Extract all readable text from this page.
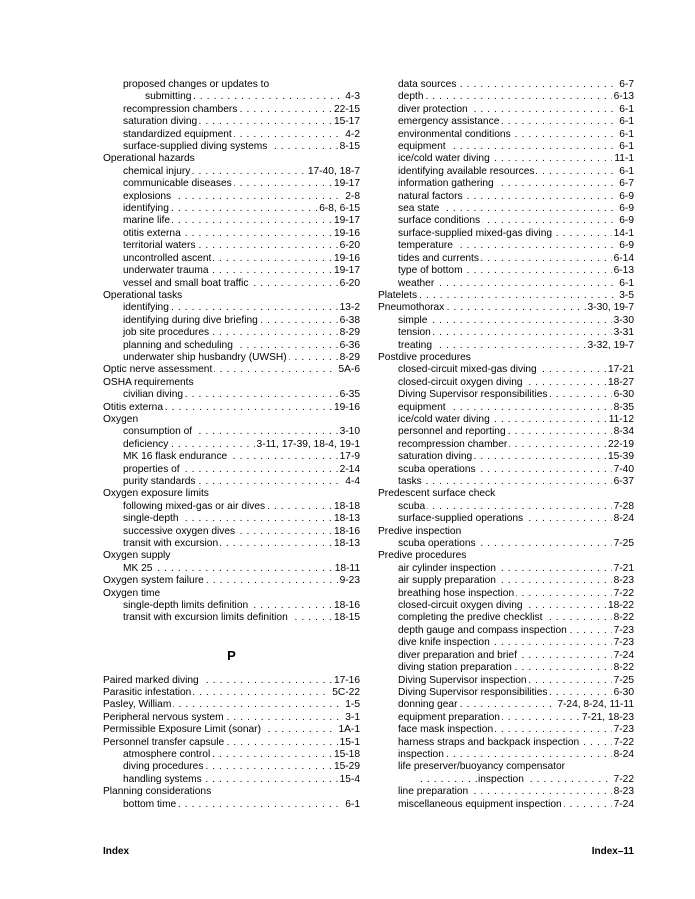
proposed changes or updates to
submitting	4-3
. . .
recompression chambers	22-15
. . .
saturation diving	15-17
. . .
standardized equipment	4-2
. . .
surface-supplied diving systems	8-15
. . .
Operational hazards
chemical injury	17-40, 18-7
. . .
communicable diseases	19-17
. . .
explosions	2-8
. . .
identifying	6-8, 6-15
. . .
marine life	19-17
. . .
otitis externa	19-16
. . .
territorial waters	6-20
. . .
uncontrolled ascent	19-16
. . .
underwater trauma	19-17
. . .
vessel and small boat traffic	6-20
. . .
Operational tasks
identifying	13-2
. . .
identifying during dive briefing	6-38
. . .
job site procedures	8-29
. . .
planning and scheduling	6-36
. . .
underwater ship husbandry (UWSH)	8-29
. . .
Optic nerve assessment	5A-6
. . .
OSHA requirements
civilian diving	6-35
. . .
Otitis externa	19-16
. . .
Oxygen
consumption of	3-10
. . .
deficiency	3-11, 17-39, 18-4, 19-1
. . .
MK 16 flask endurance	17-9
. . .
properties of	2-14
. . .
purity standards	4-4
. . .
Oxygen exposure limits
following mixed-gas or air dives	18-18
. . .
single-depth	18-13
. . .
successive oxygen dives	18-16
. . .
transit with excursion	18-13
. . .
Oxygen supply
MK 25	18-11
. . .
Oxygen system failure	9-23
. . .
Oxygen time
single-depth limits definition	18-16
. . .
transit with excursion limits definition	18-15
. . .
P
Paired marked diving	17-16
. . .
Parasitic infestation	5C-22
. . .
Pasley, William	1-5
. . .
Peripheral nervous system	3-1
. . .
Permissible Exposure Limit (sonar)	1A-1
. . .
Personnel transfer capsule	15-1
. . .
atmosphere control	15-18
. . .
diving procedures	15-29
. . .
handling systems	15-4
. . .
Planning considerations
bottom time	6-1
. . .
data sources	6-7
. . .
depth	6-13
. . .
diver protection	6-1
. . .
emergency assistance	6-1
. . .
environmental conditions	6-1
. . .
equipment	6-1
. . .
ice/cold water diving	11-1
. . .
identifying available resources	6-1
. . .
information gathering	6-7
. . .
natural factors	6-9
. . .
sea state	6-9
. . .
surface conditions	6-9
. . .
surface-supplied mixed-gas diving	14-1
. . .
temperature	6-9
. . .
tides and currents	6-14
. . .
type of bottom	6-13
. . .
weather	6-1
. . .
Platelets	3-5
. . .
Pneumothorax	3-30, 19-7
. . .
simple	3-30
. . .
tension	3-31
. . .
treating	3-32, 19-7
. . .
Postdive procedures
closed-circuit mixed-gas diving	17-21
. . .
closed-circuit oxygen diving	18-27
. . .
Diving Supervisor responsibilities	6-30
. . .
equipment	8-35
. . .
ice/cold water diving	11-12
. . .
personnel and reporting	8-34
. . .
recompression chamber	22-19
. . .
saturation diving	15-39
. . .
scuba operations	7-40
. . .
tasks	6-37
. . .
Predescent surface check
scuba	7-28
. . .
surface-supplied operations	8-24
. . .
Predive inspection
scuba operations	7-25
. . .
Predive procedures
air cylinder inspection	7-21
. . .
air supply preparation	8-23
. . .
breathing hose inspection	7-22
. . .
closed-circuit oxygen diving	18-22
. . .
completing the predive checklist	8-22
. . .
depth gauge and compass inspection	7-23
. . .
dive knife inspection	7-23
. . .
diver preparation and brief	7-24
. . .
diving station preparation	8-22
. . .
Diving Supervisor inspection	7-25
. . .
Diving Supervisor responsibilities	6-30
. . .
donning gear	7-24, 8-24, 11-11
. . .
equipment preparation	7-21, 18-23
. . .
face mask inspection	7-23
. . .
harness straps and backpack inspection	7-22
. . .
inspection	8-24
. . .
life preserver/buoyancy compensator
inspection	7-22
. . .
line preparation	8-23
. . .
miscellaneous equipment inspection	7-24
. . .
Index	Index–11
